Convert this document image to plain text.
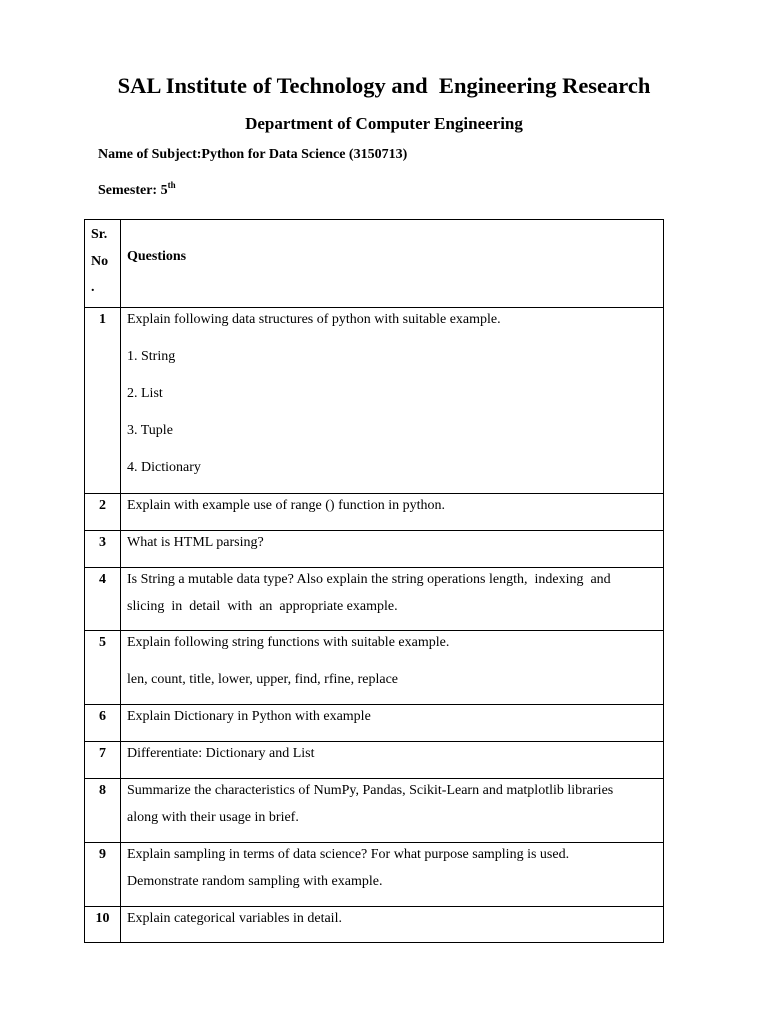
SAL Institute of Technology and  Engineering Research
Department of Computer Engineering
Name of Subject:Python for Data Science (3150713)
Semester: 5th
Sr.
No
.	Questions
1	Explain following data structures of python with suitable example.
1. String
2. List
3. Tuple
4. Dictionary

2	Explain with example use of range () function in python.

3	What is HTML parsing?

4	Is String a mutable data type? Also explain the string operations length,  indexing  and
slicing  in  detail  with  an  appropriate example.

5	Explain following string functions with suitable example.
len, count, title, lower, upper, find, rfine, replace

6	Explain Dictionary in Python with example

7	Differentiate: Dictionary and List

8	Summarize the characteristics of NumPy, Pandas, Scikit-Learn and matplotlib libraries
along with their usage in brief.

9	Explain sampling in terms of data science? For what purpose sampling is used.
Demonstrate random sampling with example.

10	Explain categorical variables in detail.
